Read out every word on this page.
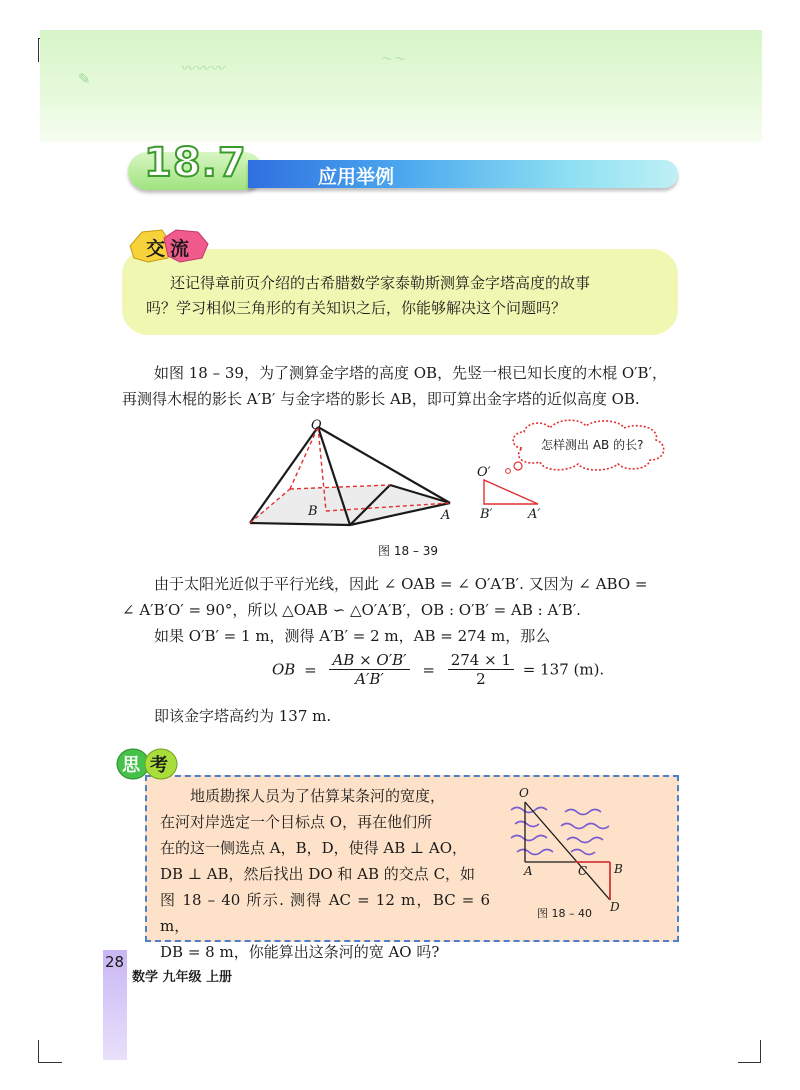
✎
〰〰〰
〜〜
18.7	应用举例
交 流
还记得章前页介绍的古希腊数学家泰勒斯测算金字塔高度的故事
吗？学习相似三角形的有关知识之后，你能够解决这个问题吗？
如图 18 – 39，为了测算金字塔的高度 OB，先竖一根已知长度的木棍 O′B′，
再测得木棍的影长 A′B′ 与金字塔的影长 AB，即可算出金字塔的近似高度 OB.
O
B	A
O′
B′	A′
怎样测出 AB 的长?
图 18 – 39
由于太阳光近似于平行光线，因此 ∠ OAB = ∠ O′A′B′. 又因为 ∠ ABO =
∠ A′B′O′ = 90°，所以 △OAB ∽ △O′A′B′，OB : O′B′ = AB : A′B′.
如果 O′B′ = 1 m，测得 A′B′ = 2 m，AB = 274 m，那么
OB = $\frac{AB \times O'B'}{A'B'} = \frac{274 \times 1}{2} = 137$ (m).
即该金字塔高约为 137 m.
思 考
地质勘探人员为了估算某条河的宽度，
在河对岸选定一个目标点 O，再在他们所
在的这一侧选点 A，B，D，使得 AB ⊥ AO，
DB ⊥ AB，然后找出 DO 和 AB 的交点 C，如
图 18 – 40 所示. 测得 AC = 12 m，BC = 6 m，
DB = 8 m，你能算出这条河的宽 AO 吗?
O
A	C B
D
图 18 – 40
28
数学 九年级 上册
